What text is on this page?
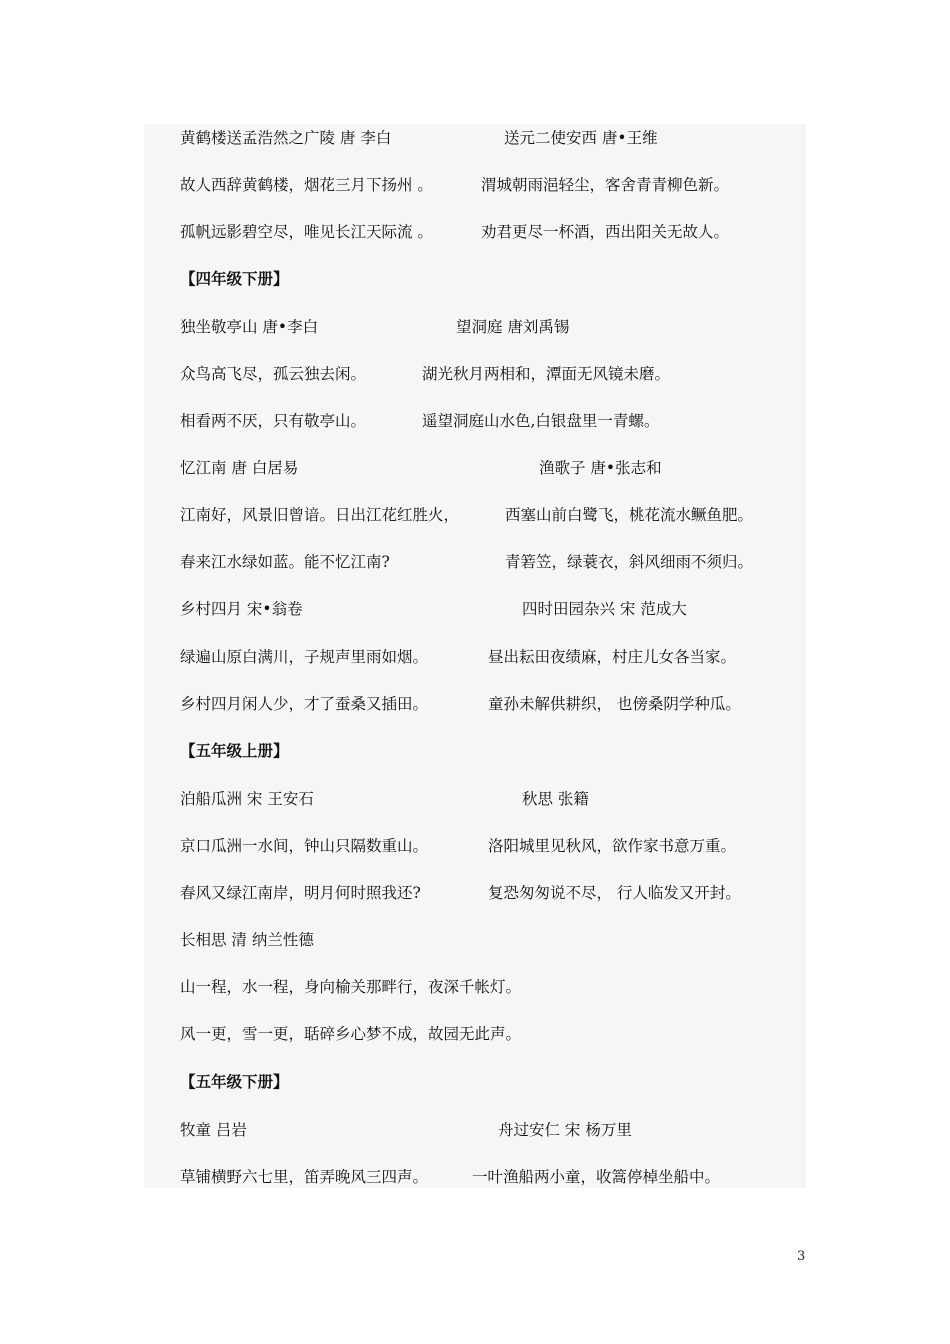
黄鹤楼送孟浩然之广陵 唐 李白	送元二使安西 唐•王维
故人西辞黄鹤楼，烟花三月下扬州 。	渭城朝雨浥轻尘，客舍青青柳色新。
孤帆远影碧空尽，唯见长江天际流 。	劝君更尽一杯酒，西出阳关无故人。
【四年级下册】
独坐敬亭山 唐•李白	望洞庭 唐刘禹锡
众鸟高飞尽，孤云独去闲。	湖光秋月两相和，潭面无风镜未磨。
相看两不厌，只有敬亭山。	遥望洞庭山水色,白银盘里一青螺。
忆江南 唐 白居易	渔歌子 唐•张志和
江南好，风景旧曾谙。日出江花红胜火，	西塞山前白鹭飞，桃花流水鳜鱼肥。
春来江水绿如蓝。能不忆江南?	青箬笠，绿蓑衣，斜风细雨不须归。
乡村四月 宋•翁卷	四时田园杂兴 宋 范成大
绿遍山原白满川，子规声里雨如烟。	昼出耘田夜绩麻，村庄儿女各当家。
乡村四月闲人少，才了蚕桑又插田。	童孙未解供耕织， 也傍桑阴学种瓜。
【五年级上册】
泊船瓜洲 宋 王安石	秋思 张籍
京口瓜洲一水间，钟山只隔数重山。	洛阳城里见秋风，欲作家书意万重。
春风又绿江南岸，明月何时照我还?	复恐匆匆说不尽， 行人临发又开封。
长相思 清 纳兰性德
山一程，水一程，身向榆关那畔行，夜深千帐灯。
风一更，雪一更，聒碎乡心梦不成，故园无此声。
【五年级下册】
牧童 吕岩	舟过安仁 宋 杨万里
草铺横野六七里，笛弄晚风三四声。	一叶渔船两小童，收篙停棹坐船中。
3
